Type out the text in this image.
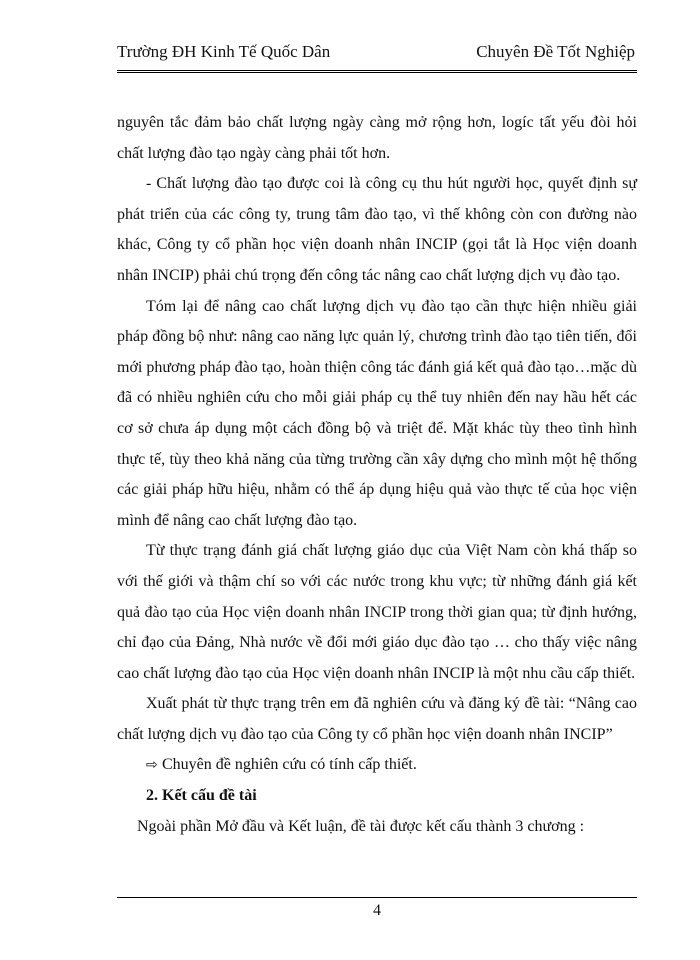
Trường ĐH Kinh Tế Quốc Dân	Chuyên Đề Tốt Nghiệp

nguyên tắc đảm bảo chất lượng ngày càng mở rộng hơn, logíc tất yếu đòi hỏi chất lượng đào tạo ngày càng phải tốt hơn.

- Chất lượng đào tạo được coi là công cụ thu hút người học, quyết định sự phát triển của các công ty, trung tâm đào tạo, vì thế không còn con đường nào khác, Công ty cổ phần học viện doanh nhân INCIP (gọi tắt là Học viện doanh nhân INCIP) phải chú trọng đến công tác nâng cao chất lượng dịch vụ đào tạo.

Tóm lại để nâng cao chất lượng dịch vụ đào tạo cần thực hiện nhiều giải pháp đồng bộ như: nâng cao năng lực quản lý, chương trình đào tạo tiên tiến, đổi mới phương pháp đào tạo, hoàn thiện công tác đánh giá kết quả đào tạo…mặc dù đã có nhiều nghiên cứu cho mỗi giải pháp cụ thể tuy nhiên đến nay hầu hết các cơ sở chưa áp dụng một cách đồng bộ và triệt để. Mặt khác tùy theo tình hình thực tế, tùy theo khả năng của từng trường cần xây dựng cho mình một hệ thống các giải pháp hữu hiệu, nhằm có thể áp dụng hiệu quả vào thực tế của học viện mình để nâng cao chất lượng đào tạo.

Từ thực trạng đánh giá chất lượng giáo dục của Việt Nam còn khá thấp so với thế giới và thậm chí so với các nước trong khu vực; từ những đánh giá kết quả đào tạo của Học viện doanh nhân INCIP trong thời gian qua; từ định hướng, chỉ đạo của Đảng, Nhà nước về đổi mới giáo dục đào tạo … cho thấy việc nâng cao chất lượng đào tạo của Học viện doanh nhân INCIP là một nhu cầu cấp thiết.

Xuất phát từ thực trạng trên em đã nghiên cứu và đăng ký đề tài: “Nâng cao chất lượng dịch vụ đào tạo của Công ty cổ phần học viện doanh nhân INCIP”

⇨ Chuyên đề nghiên cứu có tính cấp thiết.

2. Kết cấu đề tài

Ngoài phần Mở đầu và Kết luận, đề tài được kết cấu thành 3 chương :

4
